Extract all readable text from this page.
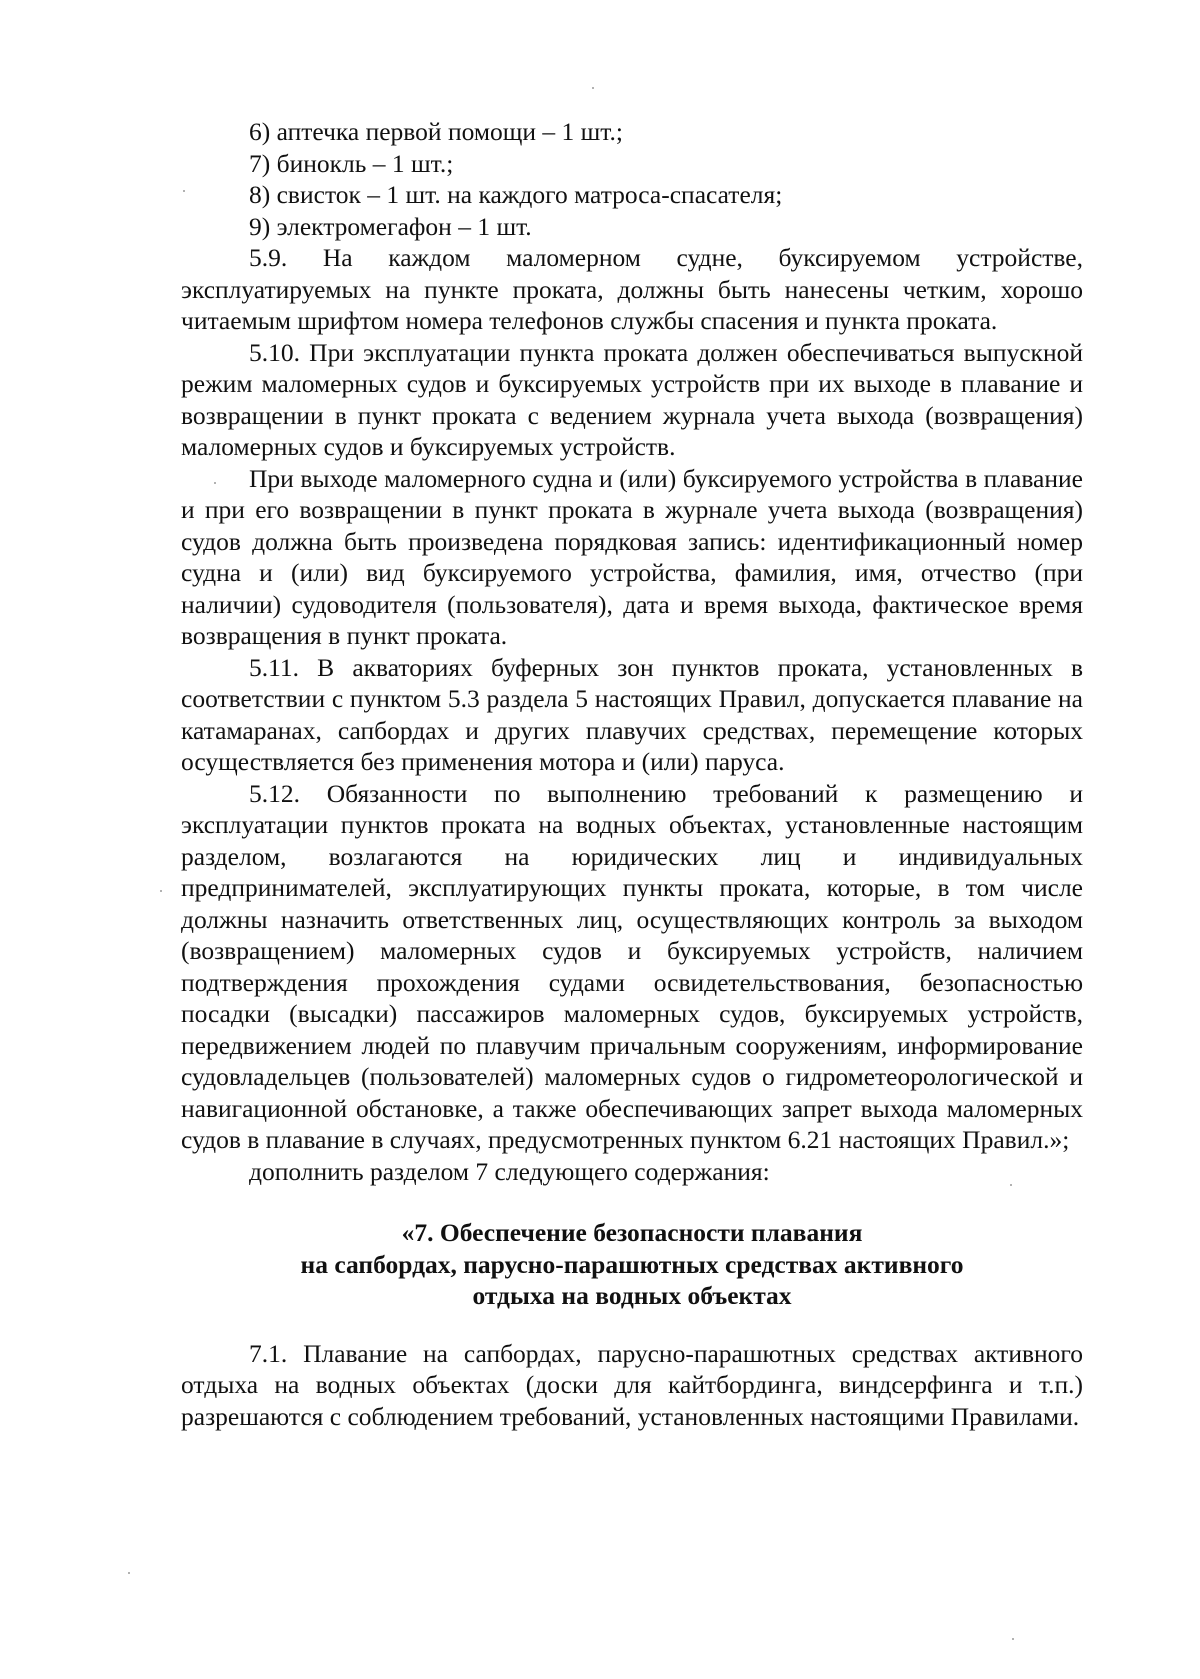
6) аптечка первой помощи – 1 шт.;

7) бинокль – 1 шт.;

8) свисток – 1 шт. на каждого матроса-спасателя;

9) электромегафон – 1 шт.

5.9. На каждом маломерном судне, буксируемом устройстве, эксплуатируемых на пункте проката, должны быть нанесены четким, хорошо читаемым шрифтом номера телефонов службы спасения и пункта проката.

5.10. При эксплуатации пункта проката должен обеспечиваться выпускной режим маломерных судов и буксируемых устройств при их выходе в плавание и возвращении в пункт проката с ведением журнала учета выхода (возвращения) маломерных судов и буксируемых устройств.

При выходе маломерного судна и (или) буксируемого устройства в плавание и при его возвращении в пункт проката в журнале учета выхода (возвращения) судов должна быть произведена порядковая запись: идентификационный номер судна и (или) вид буксируемого устройства, фамилия, имя, отчество (при наличии) судоводителя (пользователя), дата и время выхода, фактическое время возвращения в пункт проката.

5.11. В акваториях буферных зон пунктов проката, установленных в соответствии с пунктом 5.3 раздела 5 настоящих Правил, допускается плавание на катамаранах, сапбордах и других плавучих средствах, перемещение которых осуществляется без применения мотора и (или) паруса.

5.12. Обязанности по выполнению требований к размещению и эксплуатации пунктов проката на водных объектах, установленные настоящим разделом, возлагаются на юридических лиц и индивидуальных предпринимателей, эксплуатирующих пункты проката, которые, в том числе должны назначить ответственных лиц, осуществляющих контроль за выходом (возвращением) маломерных судов и буксируемых устройств, наличием подтверждения прохождения судами освидетельствования, безопасностью посадки (высадки) пассажиров маломерных судов, буксируемых устройств, передвижением людей по плавучим причальным сооружениям, информирование судовладельцев (пользователей) маломерных судов о гидрометеорологической и навигационной обстановке, а также обеспечивающих запрет выхода маломерных судов в плавание в случаях, предусмотренных пунктом 6.21 настоящих Правил.»;

дополнить разделом 7 следующего содержания:

«7. Обеспечение безопасности плавания
на сапбордах, парусно-парашютных средствах активного
отдыха на водных объектах

7.1. Плавание на сапбордах, парусно-парашютных средствах активного отдыха на водных объектах (доски для кайтбординга, виндсерфинга и т.п.) разрешаются с соблюдением требований, установленных настоящими Правилами.
